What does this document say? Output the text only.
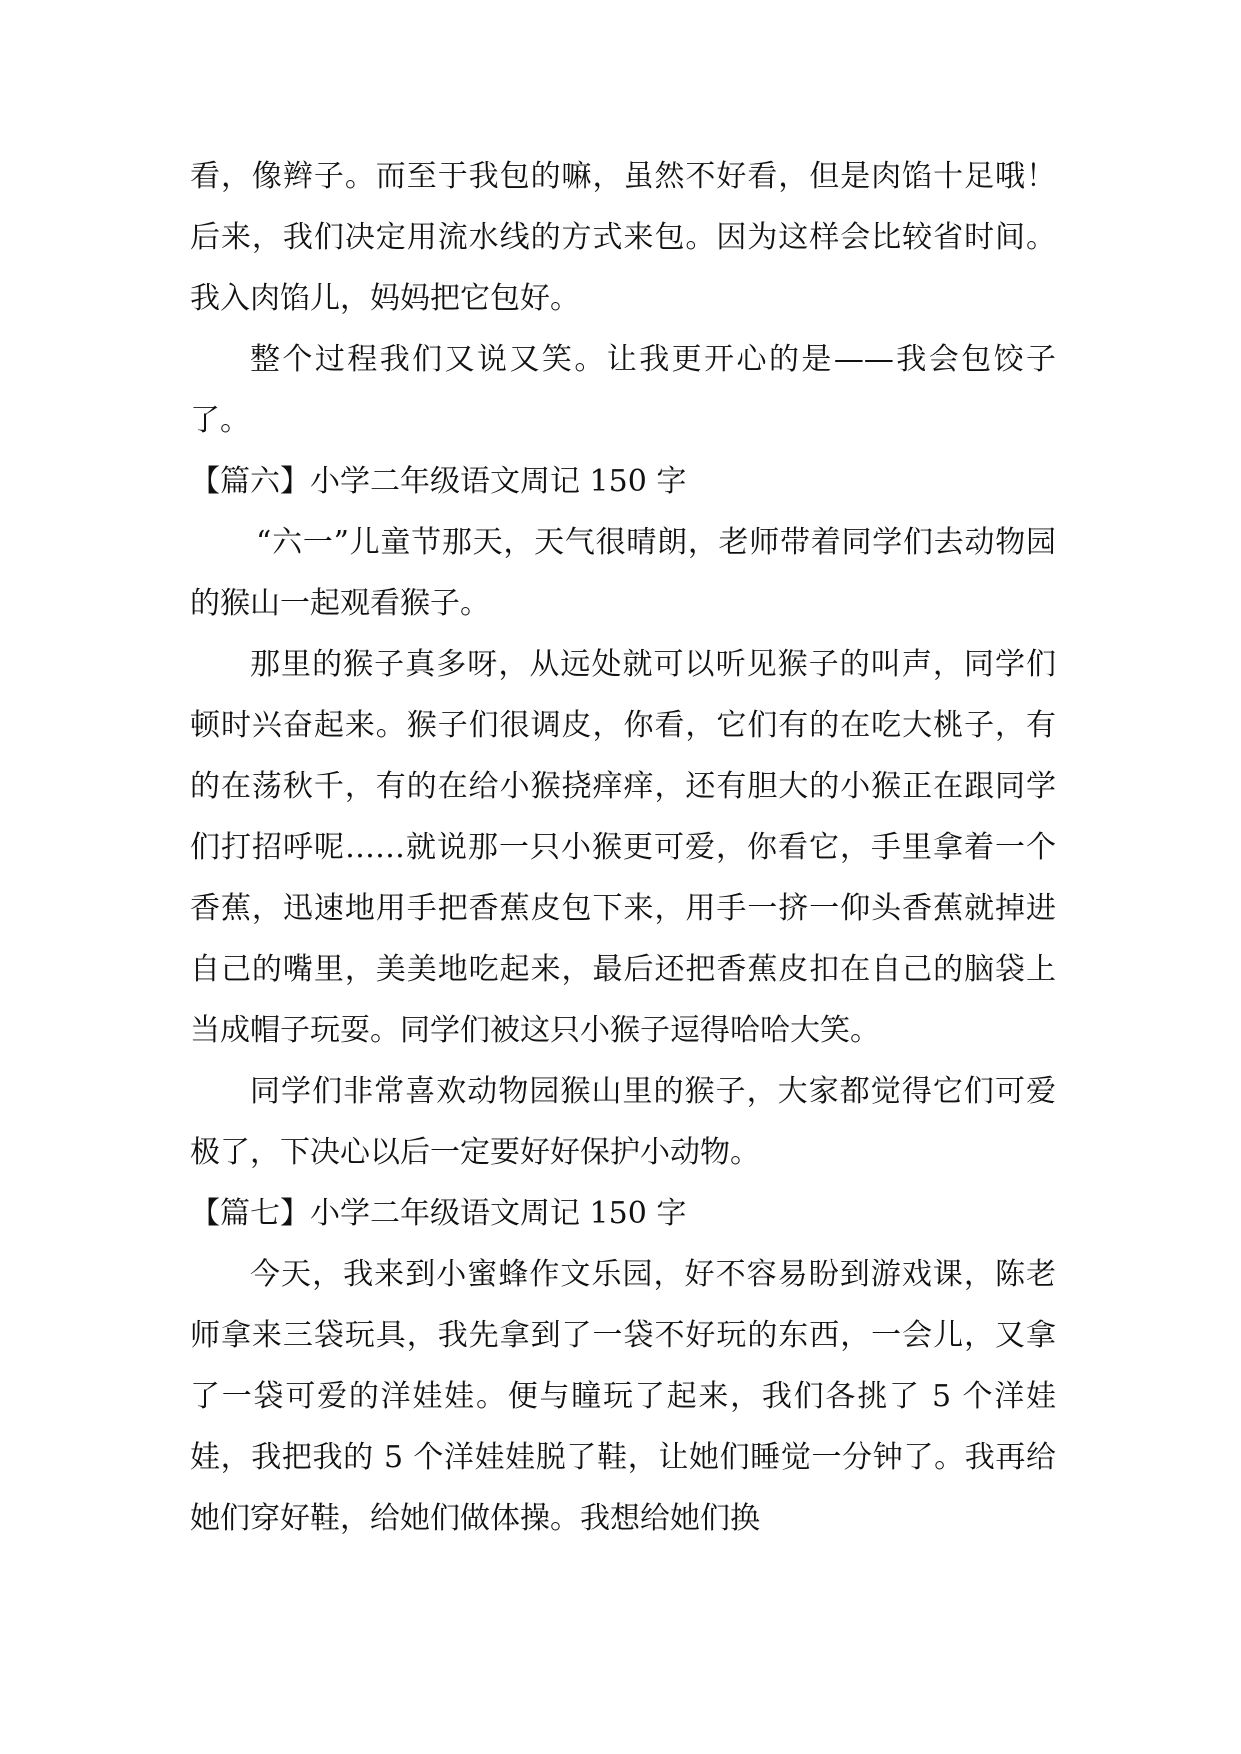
看，像辫子。而至于我包的嘛，虽然不好看，但是肉馅十足哦！后来，我们决定用流水线的方式来包。因为这样会比较省时间。我入肉馅儿，妈妈把它包好。

整个过程我们又说又笑。让我更开心的是——我会包饺子了。

【篇六】小学二年级语文周记 150 字

“六一”儿童节那天，天气很晴朗，老师带着同学们去动物园的猴山一起观看猴子。

那里的猴子真多呀，从远处就可以听见猴子的叫声，同学们顿时兴奋起来。猴子们很调皮，你看，它们有的在吃大桃子，有的在荡秋千，有的在给小猴挠痒痒，还有胆大的小猴正在跟同学们打招呼呢……就说那一只小猴更可爱，你看它，手里拿着一个香蕉，迅速地用手把香蕉皮包下来，用手一挤一仰头香蕉就掉进自己的嘴里，美美地吃起来，最后还把香蕉皮扣在自己的脑袋上当成帽子玩耍。同学们被这只小猴子逗得哈哈大笑。

同学们非常喜欢动物园猴山里的猴子，大家都觉得它们可爱极了，下决心以后一定要好好保护小动物。

【篇七】小学二年级语文周记 150 字

今天，我来到小蜜蜂作文乐园，好不容易盼到游戏课，陈老师拿来三袋玩具，我先拿到了一袋不好玩的东西，一会儿，又拿了一袋可爱的洋娃娃。便与瞳玩了起来，我们各挑了 5 个洋娃娃，我把我的 5 个洋娃娃脱了鞋，让她们睡觉一分钟了。我再给她们穿好鞋，给她们做体操。我想给她们换
